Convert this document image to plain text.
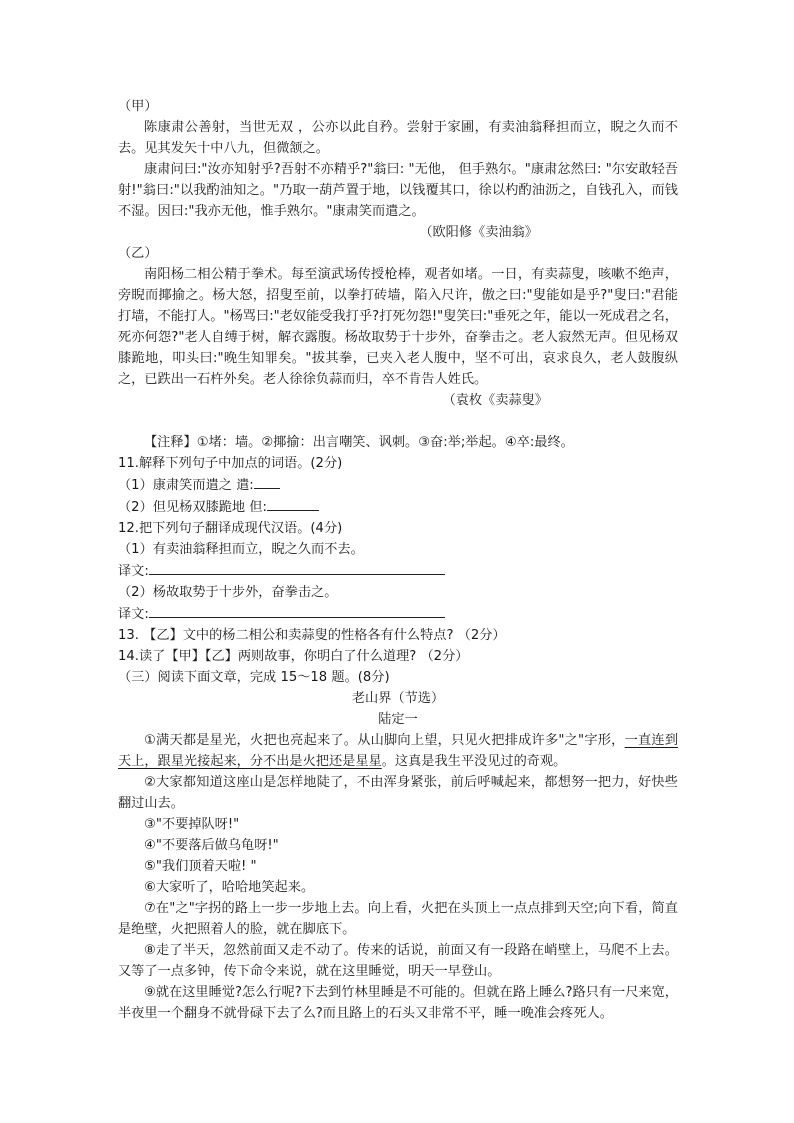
（甲）

陈康肃公善射，当世无双 ，公亦以此自矜。尝射于家圃，有卖油翁释担而立，睨之久而不去。见其发矢十中八九，但微颔之。

康肃问曰:"汝亦知射乎?吾射不亦精乎?"翁曰: "无他， 但手熟尔。"康肃忿然曰: "尔安敢轻吾射!"翁曰:"以我酌油知之。"乃取一葫芦置于地，以钱覆其口，徐以杓酌油沥之，自钱孔入，而钱不湿。因曰:"我亦无他，惟手熟尔。"康肃笑而遣之。

（欧阳修《卖油翁》

（乙）

南阳杨二相公精于拳术。每至演武场传授枪棒，观者如堵。一日，有卖蒜叟，咳嗽不绝声，旁睨而揶揄之。杨大怒，招叟至前，以拳打砖墙，陷入尺许，傲之曰:"叟能如是乎?"叟曰:"君能打墙，不能打人。"杨骂曰:"老奴能受我打乎?打死勿怨!"叟笑曰:"垂死之年，能以一死成君之名，死亦何怨?"老人自缚于树，解衣露腹。杨故取势于十步外，奋拳击之。老人寂然无声。但见杨双膝跪地，叩头曰:"晚生知罪矣。"拔其拳，已夹入老人腹中，坚不可出，哀求良久，老人鼓腹纵之，已跌出一石杵外矣。老人徐徐负蒜而归，卒不肯告人姓氏。

（袁枚《卖蒜叟》

【注释】①堵：墙。②揶揄：出言嘲笑、讽刺。③奋:举;举起。④卒:最终。

11.解释下列句子中加点的词语。(2分)

（1）康肃笑而遣之 遣:

（2）但见杨双膝跪地 但:

12.把下列句子翻译成现代汉语。(4分)

（1）有卖油翁释担而立，睨之久而不去。

译文:

（2）杨故取势于十步外，奋拳击之。

译文:

13. 【乙】文中的杨二相公和卖蒜叟的性格各有什么特点? （2分）

14.读了【甲】【乙】两则故事，你明白了什么道理? （2分）

（三）阅读下面文章，完成 15～18 题。(8分)

老山界（节选）

陆定一

①满天都是星光，火把也亮起来了。从山脚向上望，只见火把排成许多"之"字形，一直连到天上，跟星光接起来，分不出是火把还是星星。这真是我生平没见过的奇观。

②大家都知道这座山是怎样地陡了，不由浑身紧张，前后呼喊起来，都想努一把力，好快些翻过山去。

③"不要掉队呀!"

④"不要落后做乌龟呀!"

⑤"我们顶着天啦! "

⑥大家听了，哈哈地笑起来。

⑦在"之"字拐的路上一步一步地上去。向上看，火把在头顶上一点点排到天空;向下看，简直是绝壁，火把照着人的脸，就在脚底下。

⑧走了半天，忽然前面又走不动了。传来的话说，前面又有一段路在峭壁上，马爬不上去。又等了一点多钟，传下命令来说，就在这里睡觉，明天一早登山。

⑨就在这里睡觉?怎么行呢?下去到竹林里睡是不可能的。但就在路上睡么?路只有一尺来宽，半夜里一个翻身不就骨碌下去了么?而且路上的石头又非常不平，睡一晚准会疼死人。
